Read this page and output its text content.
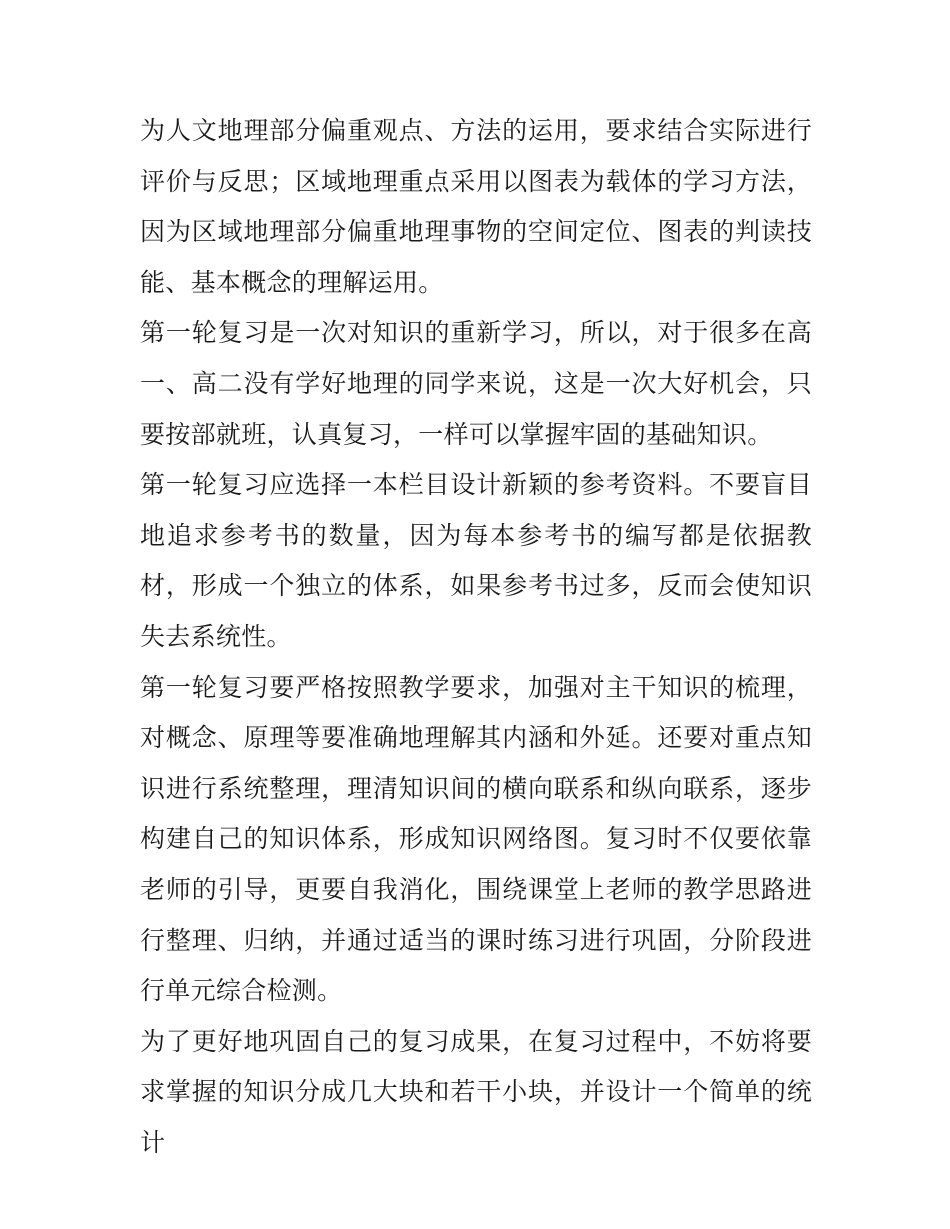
为人文地理部分偏重观点、方法的运用，要求结合实际进行评价与反思；区域地理重点采用以图表为载体的学习方法，因为区域地理部分偏重地理事物的空间定位、图表的判读技能、基本概念的理解运用。

第一轮复习是一次对知识的重新学习，所以，对于很多在高一、高二没有学好地理的同学来说，这是一次大好机会，只要按部就班，认真复习，一样可以掌握牢固的基础知识。

第一轮复习应选择一本栏目设计新颖的参考资料。不要盲目地追求参考书的数量，因为每本参考书的编写都是依据教材，形成一个独立的体系，如果参考书过多，反而会使知识失去系统性。

第一轮复习要严格按照教学要求，加强对主干知识的梳理，对概念、原理等要准确地理解其内涵和外延。还要对重点知识进行系统整理，理清知识间的横向联系和纵向联系，逐步构建自己的知识体系，形成知识网络图。复习时不仅要依靠老师的引导，更要自我消化，围绕课堂上老师的教学思路进行整理、归纳，并通过适当的课时练习进行巩固，分阶段进行单元综合检测。

为了更好地巩固自己的复习成果，在复习过程中，不妨将要求掌握的知识分成几大块和若干小块，并设计一个简单的统计
